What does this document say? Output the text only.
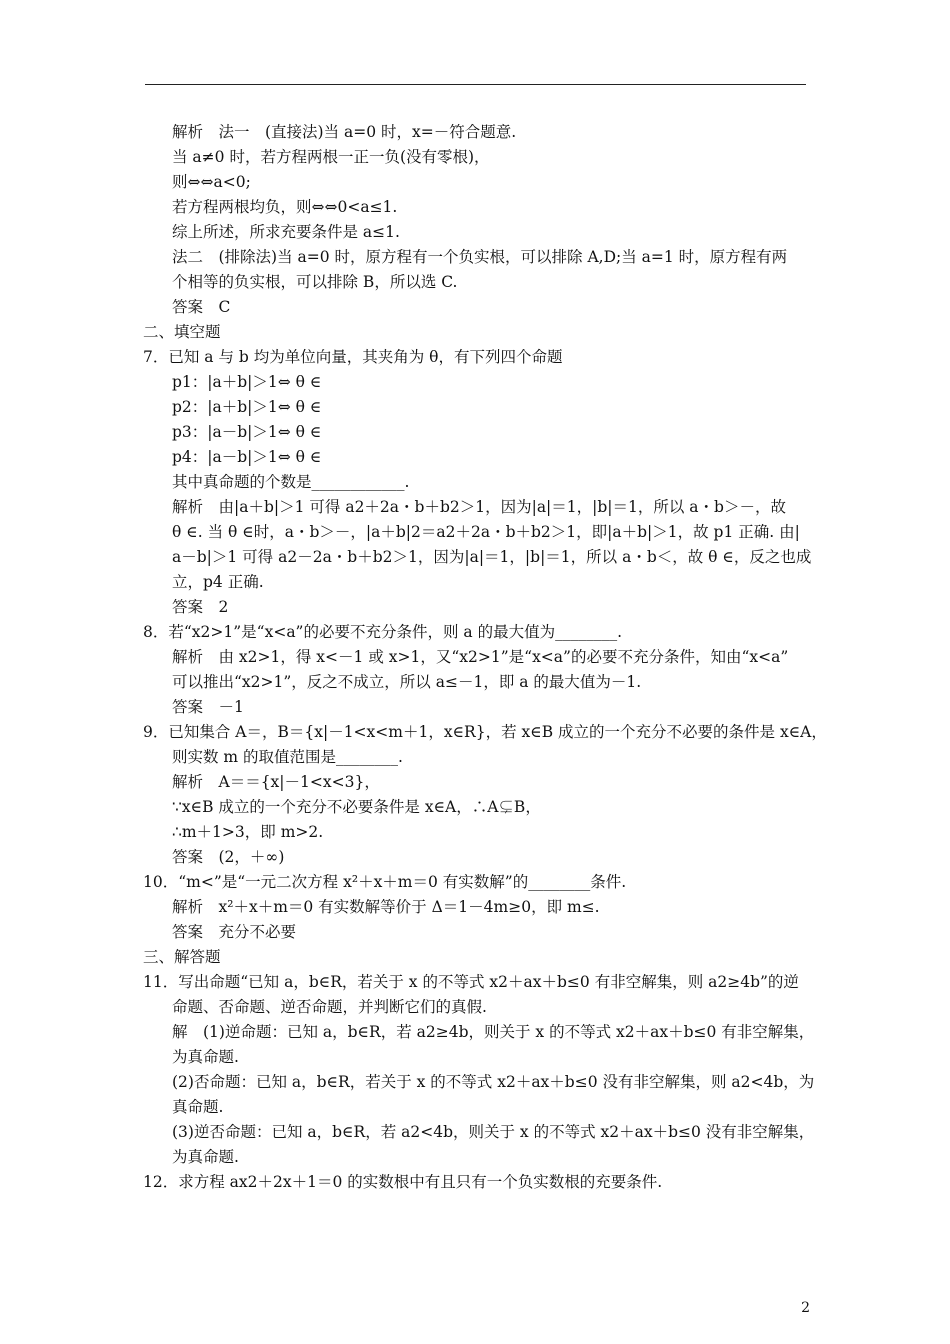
解析　法一　(直接法)当 a=0 时，x=－符合题意.
当 a≠0 时，若方程两根一正一负(没有零根)，
则⇔⇔a<0;
若方程两根均负，则⇔⇔0<a≤1.
综上所述，所求充要条件是 a≤1.
法二　(排除法)当 a=0 时，原方程有一个负实根，可以排除 A,D;当 a=1 时，原方程有两
个相等的负实根，可以排除 B，所以选 C.
答案　C
二、填空题
7．已知 a 与 b 均为单位向量，其夹角为 θ，有下列四个命题
p1：|a＋b|＞1⇔ θ ∈
p2：|a＋b|＞1⇔ θ ∈
p3：|a－b|＞1⇔ θ ∈
p4：|a－b|＞1⇔ θ ∈
其中真命题的个数是____________.
解析　由|a＋b|＞1 可得 a2＋2a・b＋b2＞1，因为|a|＝1，|b|＝1，所以 a・b＞－，故
θ ∈. 当 θ ∈时，a・b＞－，|a＋b|2＝a2＋2a・b＋b2＞1，即|a＋b|＞1，故 p1 正确. 由|
a－b|＞1 可得 a2－2a・b＋b2＞1，因为|a|＝1，|b|＝1，所以 a・b＜，故 θ ∈，反之也成
立，p4 正确.
答案　2
8．若“x2>1”是“x<a”的必要不充分条件，则 a 的最大值为________.
解析　由 x2>1，得 x<－1 或 x>1，又“x2>1”是“x<a”的必要不充分条件，知由“x<a”
可以推出“x2>1”，反之不成立，所以 a≤－1，即 a 的最大值为－1.
答案　－1
9．已知集合 A＝，B＝{x|－1<x<m＋1，x∈R}，若 x∈B 成立的一个充分不必要的条件是 x∈A，
则实数 m 的取值范围是________.
解析　A＝＝{x|－1<x<3}，
∵x∈B 成立的一个充分不必要条件是 x∈A，∴A⊊B，
∴m＋1>3，即 m>2.
答案　(2，＋∞)
10．“m<”是“一元二次方程 x²＋x＋m＝0 有实数解”的________条件.
解析　x²＋x＋m＝0 有实数解等价于 Δ＝1－4m≥0，即 m≤.
答案　充分不必要
三、解答题
11．写出命题“已知 a，b∈R，若关于 x 的不等式 x2＋ax＋b≤0 有非空解集，则 a2≥4b”的逆
命题、否命题、逆否命题，并判断它们的真假.
解　(1)逆命题：已知 a，b∈R，若 a2≥4b，则关于 x 的不等式 x2＋ax＋b≤0 有非空解集，
为真命题.
(2)否命题：已知 a，b∈R，若关于 x 的不等式 x2＋ax＋b≤0 没有非空解集，则 a2<4b，为
真命题.
(3)逆否命题：已知 a，b∈R，若 a2<4b，则关于 x 的不等式 x2＋ax＋b≤0 没有非空解集，
为真命题.
12．求方程 ax2＋2x＋1＝0 的实数根中有且只有一个负实数根的充要条件.
2
